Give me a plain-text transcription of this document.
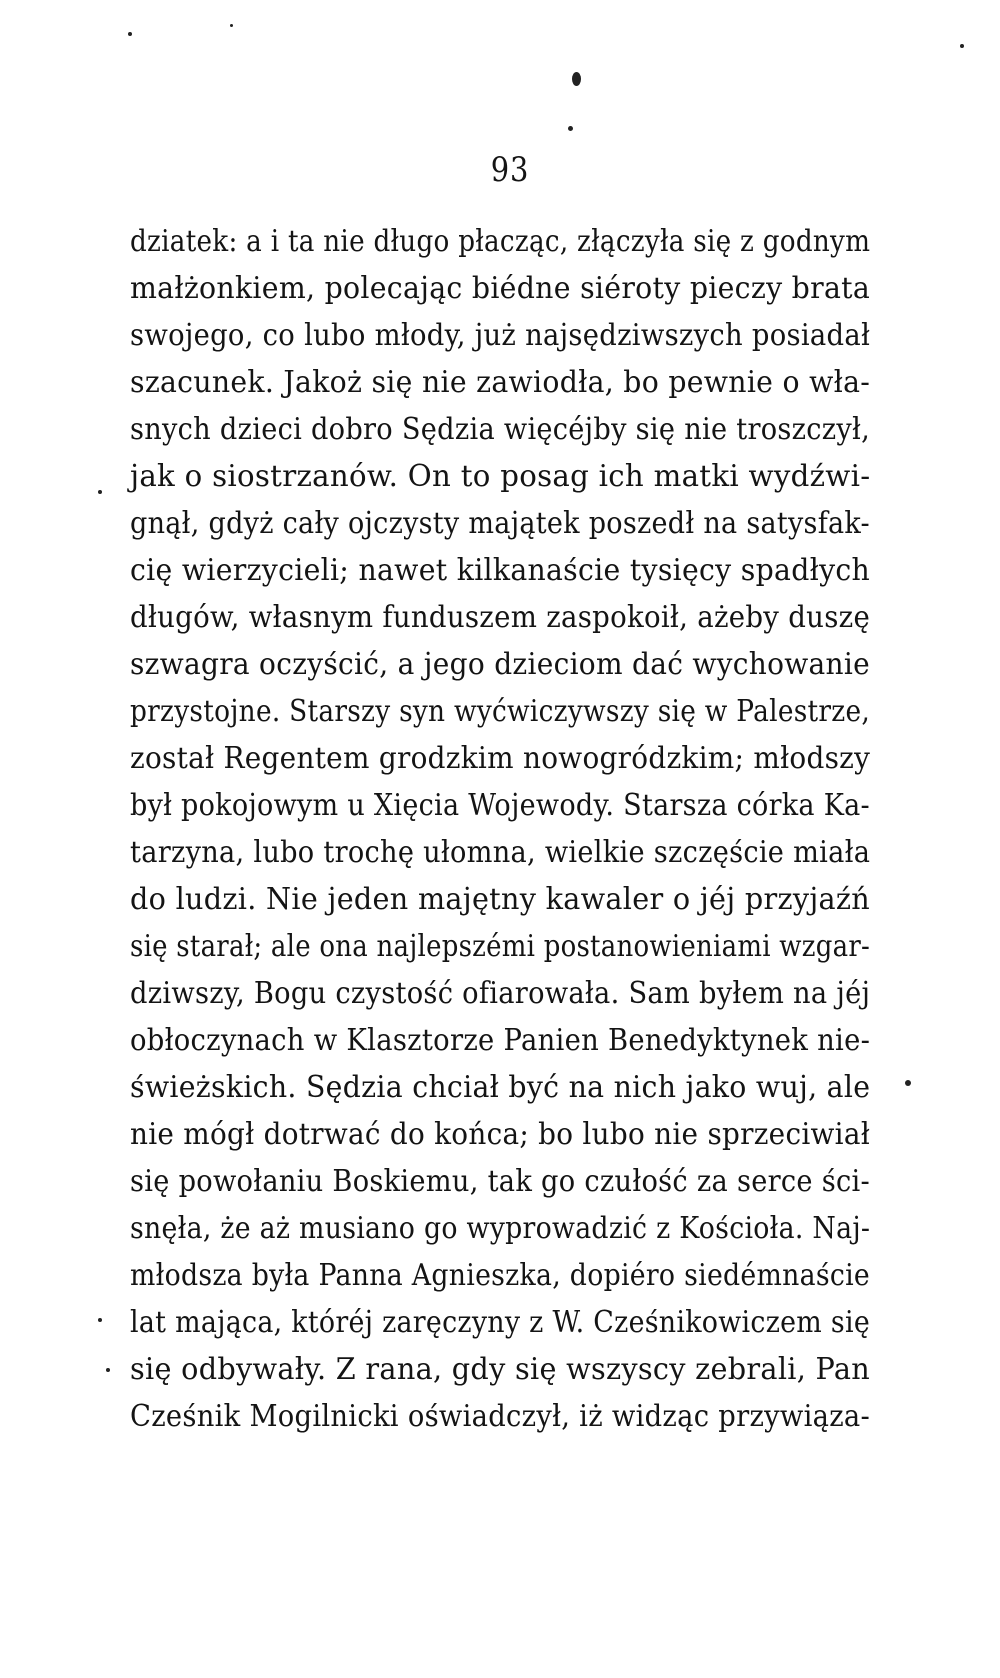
93
dziatek: a i ta nie długo płacząc, złączyła się z godnym
małżonkiem, polecając biédne siéroty pieczy brata
swojego, co lubo młody, już najsędziwszych posiadał
szacunek. Jakoż się nie zawiodła, bo pewnie o wła-
snych dzieci dobro Sędzia więcéjby się nie troszczył,
jak o siostrzanów. On to posag ich matki wydźwi-
gnął, gdyż cały ojczysty majątek poszedł na satysfak-
cię wierzycieli; nawet kilkanaście tysięcy spadłych
długów, własnym funduszem zaspokoił, ażeby duszę
szwagra oczyścić, a jego dzieciom dać wychowanie
przystojne. Starszy syn wyćwiczywszy się w Palestrze,
został Regentem grodzkim nowogródzkim; młodszy
był pokojowym u Xięcia Wojewody. Starsza córka Ka-
tarzyna, lubo trochę ułomna, wielkie szczęście miała
do ludzi. Nie jeden majętny kawaler o jéj przyjaźń
się starał; ale ona najlepszémi postanowieniami wzgar-
dziwszy, Bogu czystość ofiarowała. Sam byłem na jéj
obłoczynach w Klasztorze Panien Benedyktynek nie-
świeżskich. Sędzia chciał być na nich jako wuj, ale
nie mógł dotrwać do końca; bo lubo nie sprzeciwiał
się powołaniu Boskiemu, tak go czułość za serce ści-
snęła, że aż musiano go wyprowadzić z Kościoła. Naj-
młodsza była Panna Agnieszka, dopiéro siedémnaście
lat mająca, któréj zaręczyny z W. Cześnikowiczem się
się odbywały. Z rana, gdy się wszyscy zebrali, Pan
Cześnik Mogilnicki oświadczył, iż widząc przywiąza-
